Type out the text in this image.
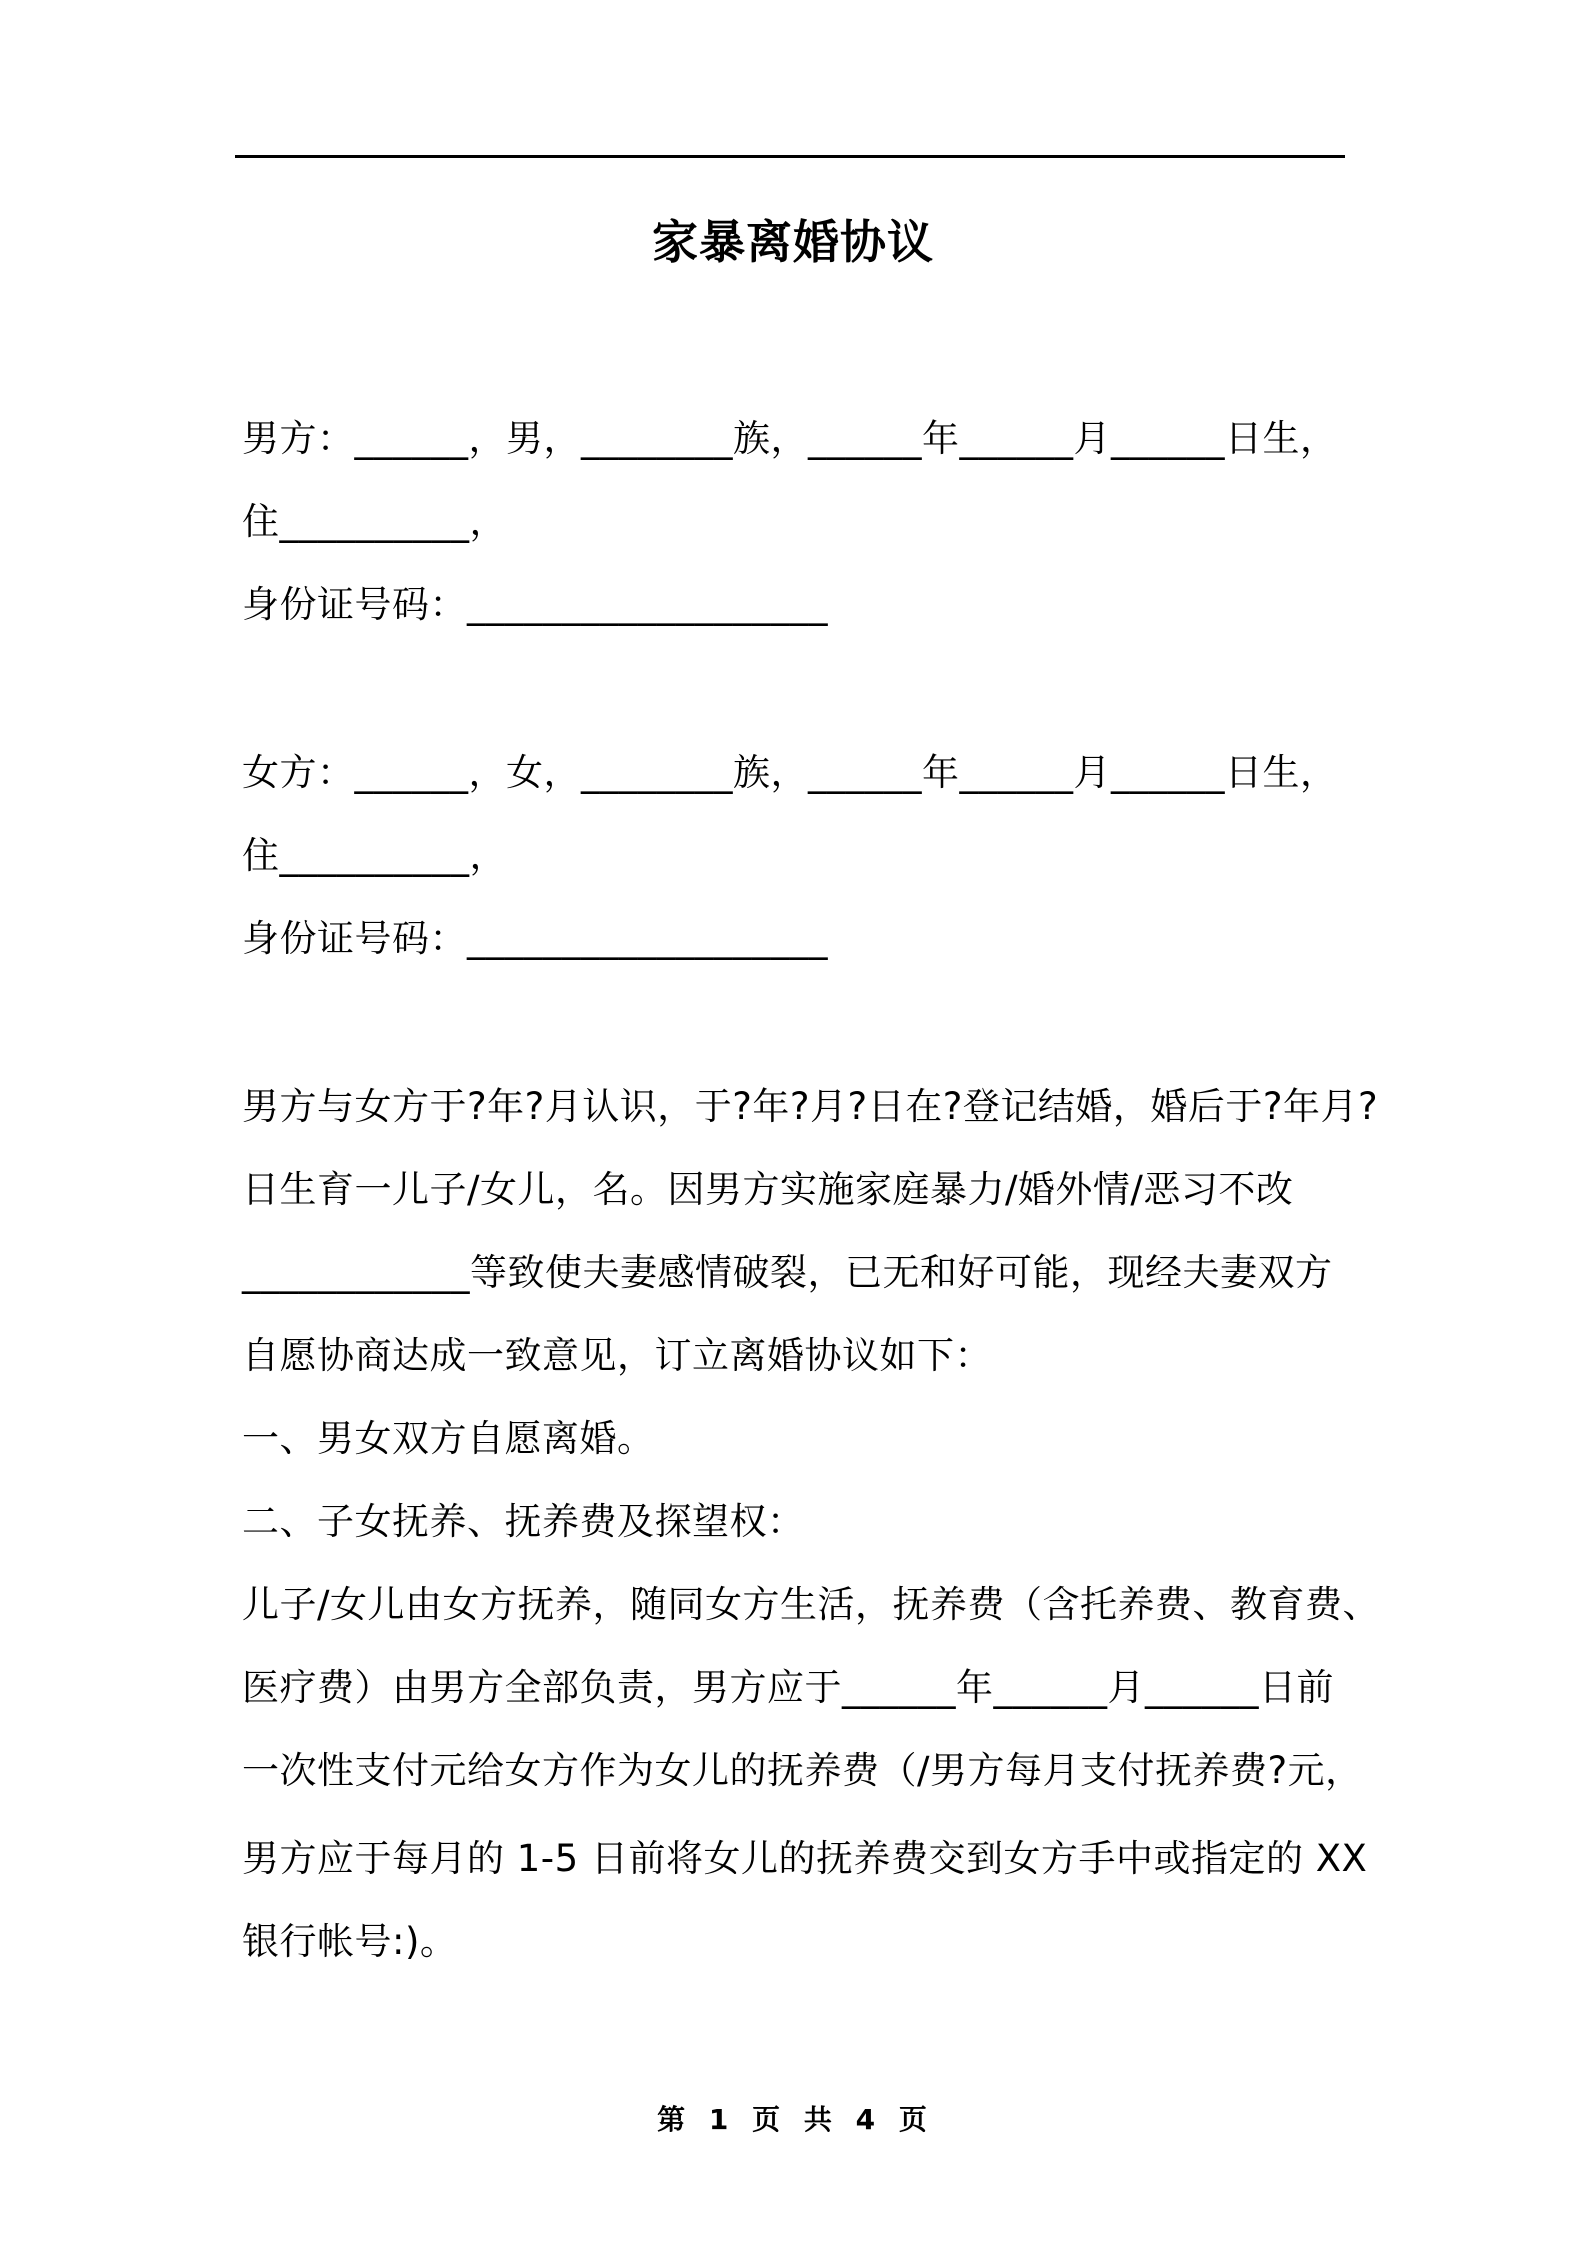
家暴离婚协议
男方：______，男，________族，______年______月______日生，
住__________，
身份证号码：___________________
女方：______，女，________族，______年______月______日生，
住__________，
身份证号码：___________________
男方与女方于?年?月认识，于?年?月?日在?登记结婚，婚后于?年月?
日生育一儿子/女儿，名。因男方实施家庭暴力/婚外情/恶习不改
____________等致使夫妻感情破裂，已无和好可能，现经夫妻双方
自愿协商达成一致意见，订立离婚协议如下：
一、男女双方自愿离婚。
二、子女抚养、抚养费及探望权：
儿子/女儿由女方抚养，随同女方生活，抚养费（含托养费、教育费、
医疗费）由男方全部负责，男方应于______年______月______日前
一次性支付元给女方作为女儿的抚养费（/男方每月支付抚养费?元，
男方应于每月的 1-5 日前将女儿的抚养费交到女方手中或指定的 XX
银行帐号:)。
第 1 页 共 4 页
